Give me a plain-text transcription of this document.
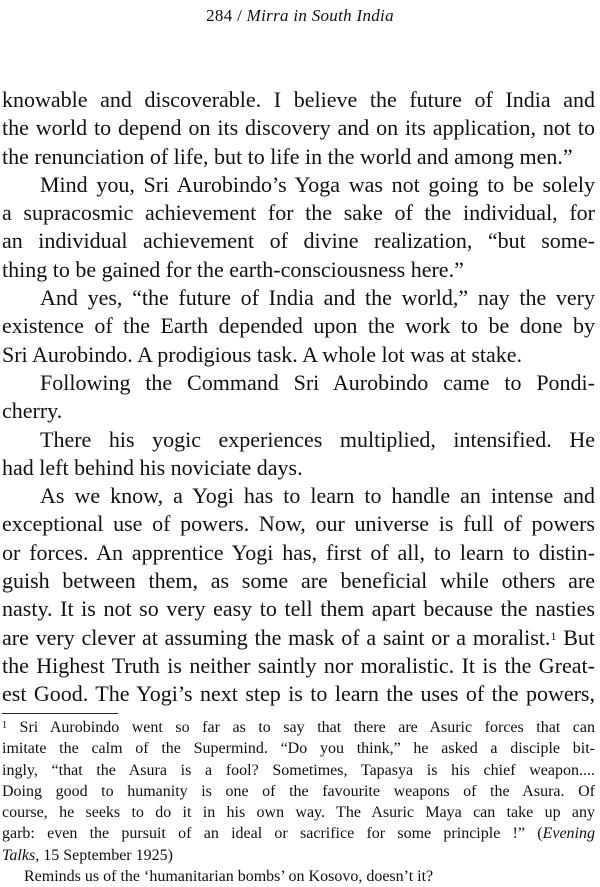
284 / Mirra in South India

knowable and discoverable. I believe the future of India and

the world to depend on its discovery and on its application, not to

the renunciation of life, but to life in the world and among men.”

Mind you, Sri Aurobindo’s Yoga was not going to be solely

a supracosmic achievement for the sake of the individual, for

an individual achievement of divine realization, “but some-

thing to be gained for the earth-consciousness here.”

And yes, “the future of India and the world,” nay the very

existence of the Earth depended upon the work to be done by

Sri Aurobindo. A prodigious task. A whole lot was at stake.

Following the Command Sri Aurobindo came to Pondi-

cherry.

There his yogic experiences multiplied, intensified. He

had left behind his noviciate days.

As we know, a Yogi has to learn to handle an intense and

exceptional use of powers. Now, our universe is full of powers

or forces. An apprentice Yogi has, first of all, to learn to distin-

guish between them, as some are beneficial while others are

nasty. It is not so very easy to tell them apart because the nasties

are very clever at assuming the mask of a saint or a moralist.$^1$ But

the Highest Truth is neither saintly nor moralistic. It is the Great-

est Good. The Yogi’s next step is to learn the uses of the powers,

$^1$ Sri Aurobindo went so far as to say that there are Asuric forces that can

imitate the calm of the Supermind. “Do you think,” he asked a disciple bit-

ingly, “that the Asura is a fool? Sometimes, Tapasya is his chief weapon....

Doing good to humanity is one of the favourite weapons of the Asura. Of

course, he seeks to do it in his own way. The Asuric Maya can take up any

garb: even the pursuit of an ideal or sacrifice for some principle !” (Evening

Talks, 15 September 1925)

Reminds us of the ‘humanitarian bombs’ on Kosovo, doesn’t it?
